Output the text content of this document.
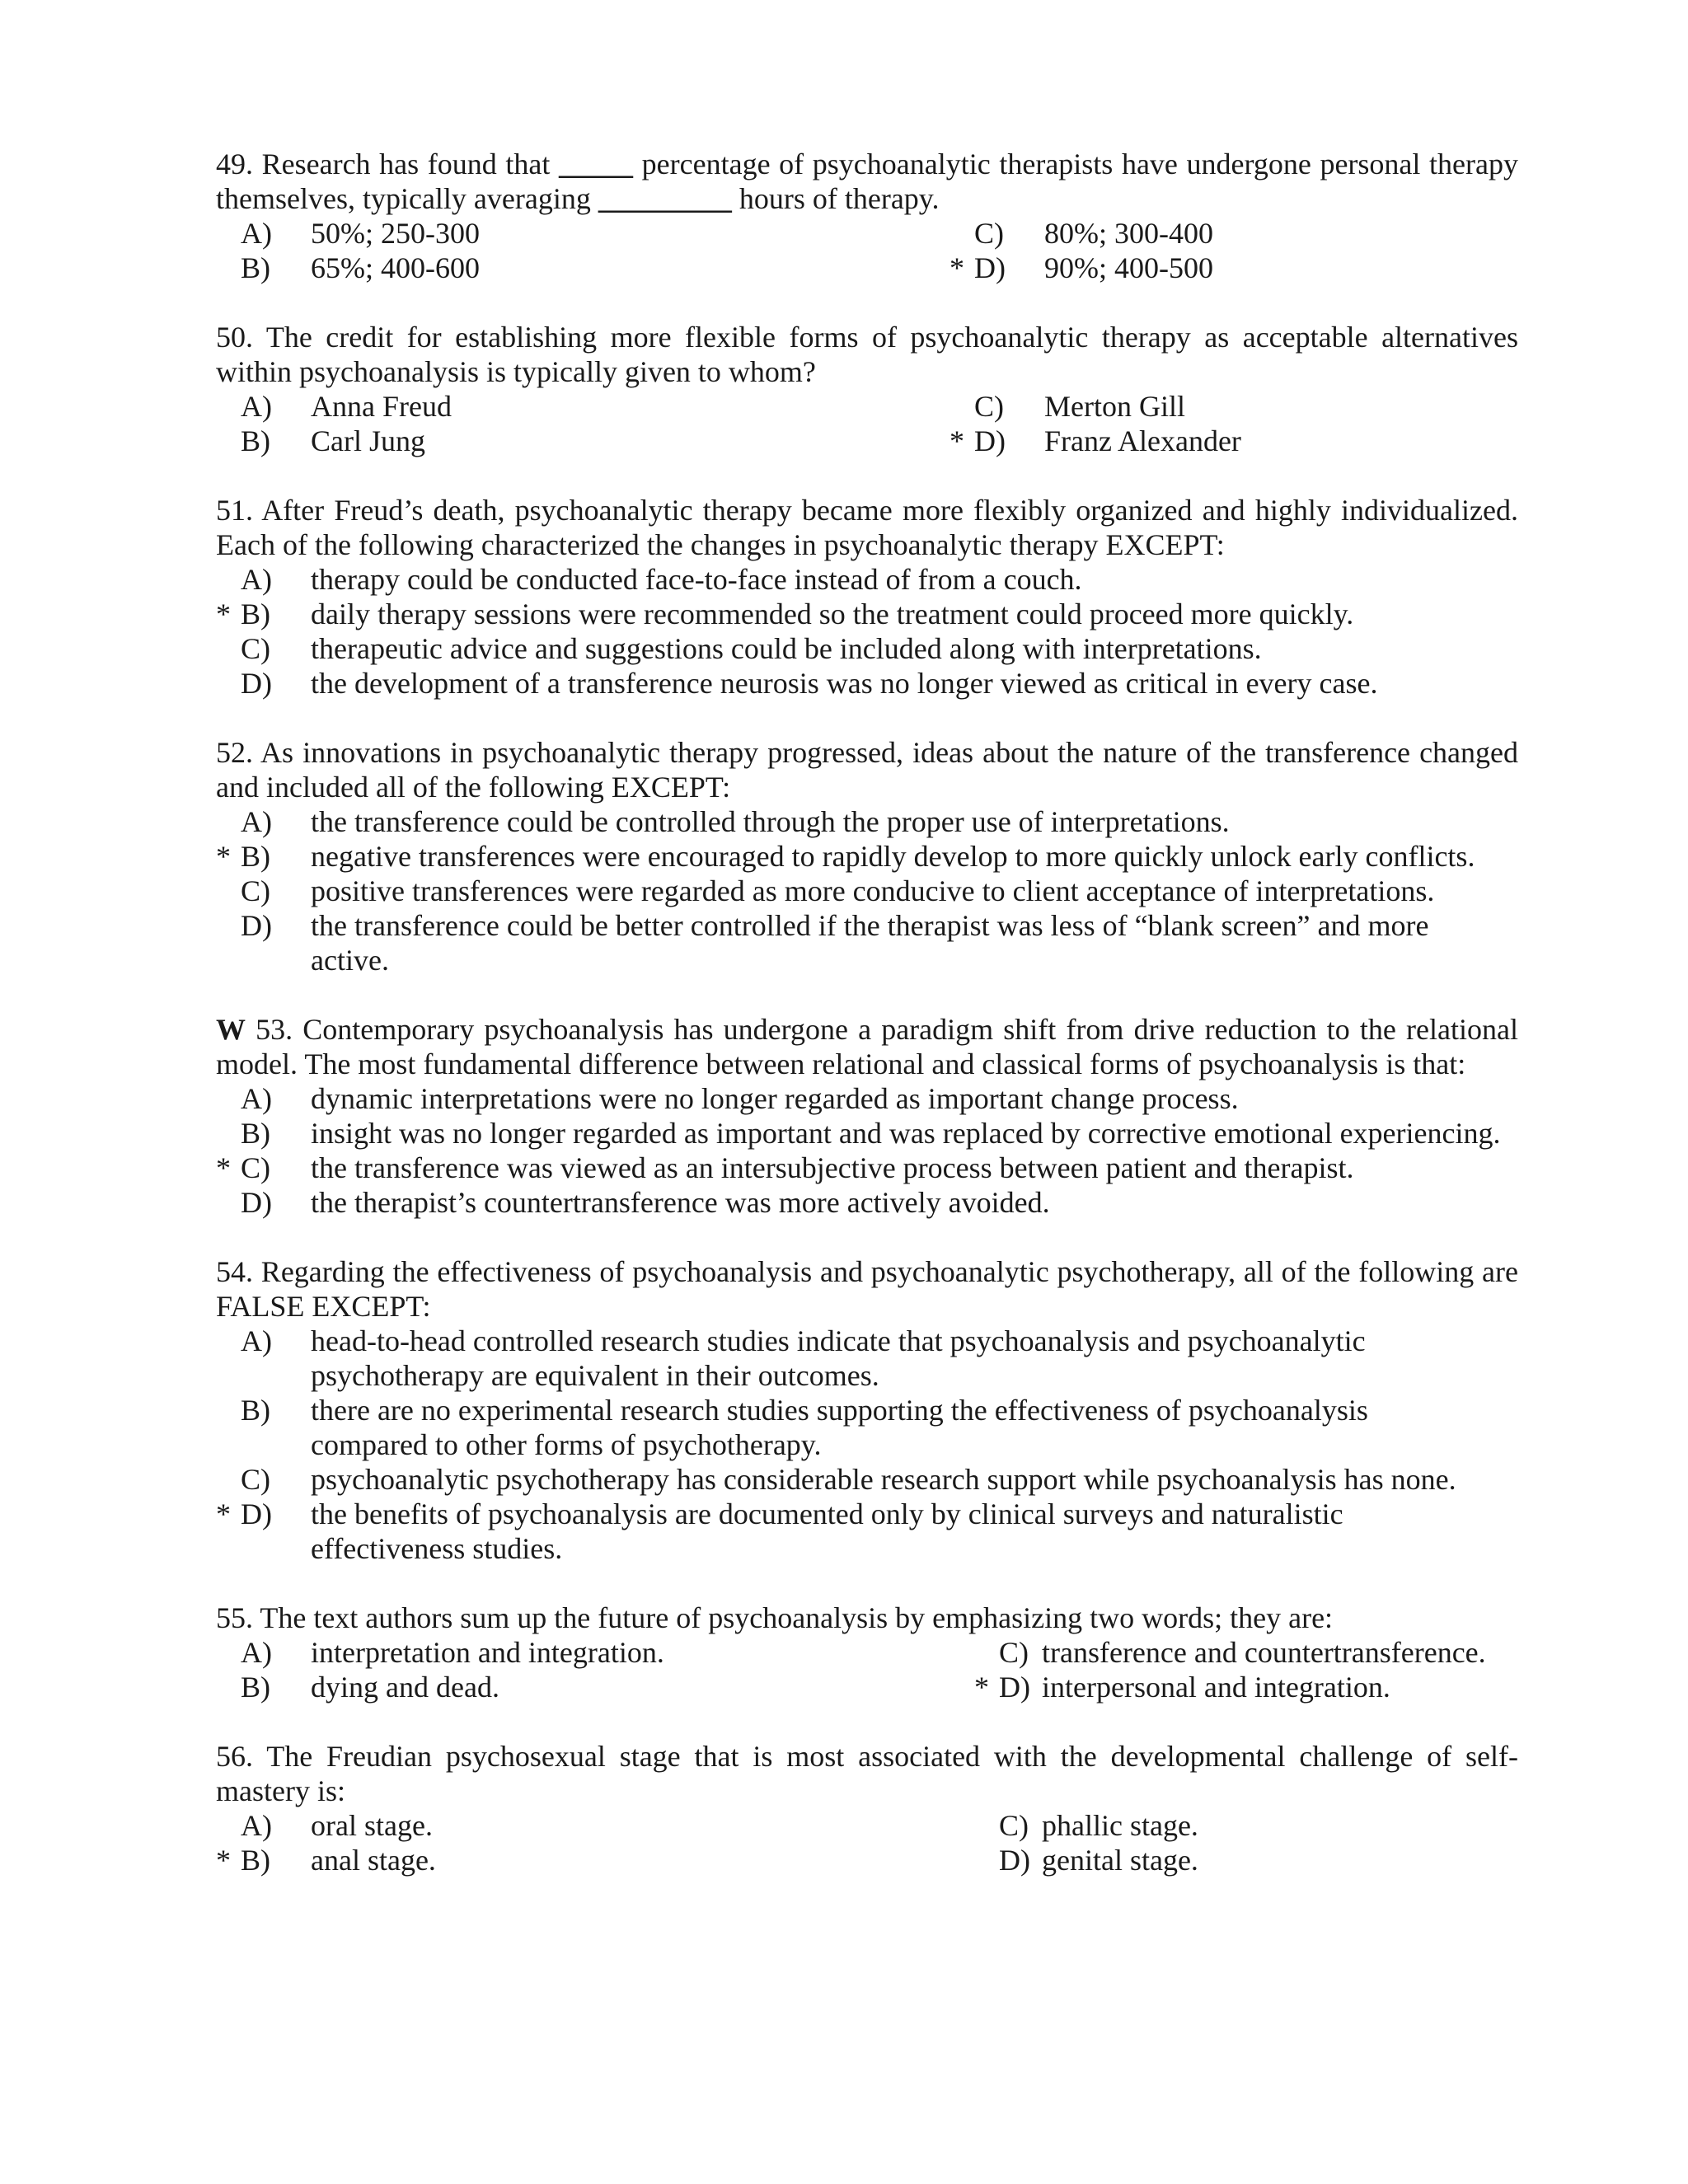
49. Research has found that _____ percentage of psychoanalytic therapists have undergone personal therapy themselves, typically averaging _________ hours of therapy.
A)	50%; 250-300	C)	80%; 300-400
B)	65%; 400-600	* D)	90%; 400-500
50. The credit for establishing more flexible forms of psychoanalytic therapy as acceptable alternatives within psychoanalysis is typically given to whom?
A)	Anna Freud	C)	Merton Gill
B)	Carl Jung	* D)	Franz Alexander
51. After Freud’s death, psychoanalytic therapy became more flexibly organized and highly individualized. Each of the following characterized the changes in psychoanalytic therapy EXCEPT:
A)	therapy could be conducted face-to-face instead of from a couch.
* B)	daily therapy sessions were recommended so the treatment could proceed more quickly.
C)	therapeutic advice and suggestions could be included along with interpretations.
D)	the development of a transference neurosis was no longer viewed as critical in every case.
52. As innovations in psychoanalytic therapy progressed, ideas about the nature of the transference changed and included all of the following EXCEPT:
A)	the transference could be controlled through the proper use of interpretations.
* B)	negative transferences were encouraged to rapidly develop to more quickly unlock early conflicts.
C)	positive transferences were regarded as more conducive to client acceptance of interpretations.
D)	the transference could be better controlled if the therapist was less of “blank screen” and more active.
W 53. Contemporary psychoanalysis has undergone a paradigm shift from drive reduction to the relational model. The most fundamental difference between relational and classical forms of psychoanalysis is that:
A)	dynamic interpretations were no longer regarded as important change process.
B)	insight was no longer regarded as important and was replaced by corrective emotional experiencing.
* C)	the transference was viewed as an intersubjective process between patient and therapist.
D)	the therapist’s countertransference was more actively avoided.
54. Regarding the effectiveness of psychoanalysis and psychoanalytic psychotherapy, all of the following are FALSE EXCEPT:
A)	head-to-head controlled research studies indicate that psychoanalysis and psychoanalytic psychotherapy are equivalent in their outcomes.
B)	there are no experimental research studies supporting the effectiveness of psychoanalysis compared to other forms of psychotherapy.
C)	psychoanalytic psychotherapy has considerable research support while psychoanalysis has none.
* D)	the benefits of psychoanalysis are documented only by clinical surveys and naturalistic effectiveness studies.
55. The text authors sum up the future of psychoanalysis by emphasizing two words; they are:
A)	interpretation and integration.	C) transference and countertransference.
B)	dying and dead.	* D) interpersonal and integration.
56. The Freudian psychosexual stage that is most associated with the developmental challenge of self-mastery is:
A)	oral stage.	C) phallic stage.
* B)	anal stage.	D) genital stage.
